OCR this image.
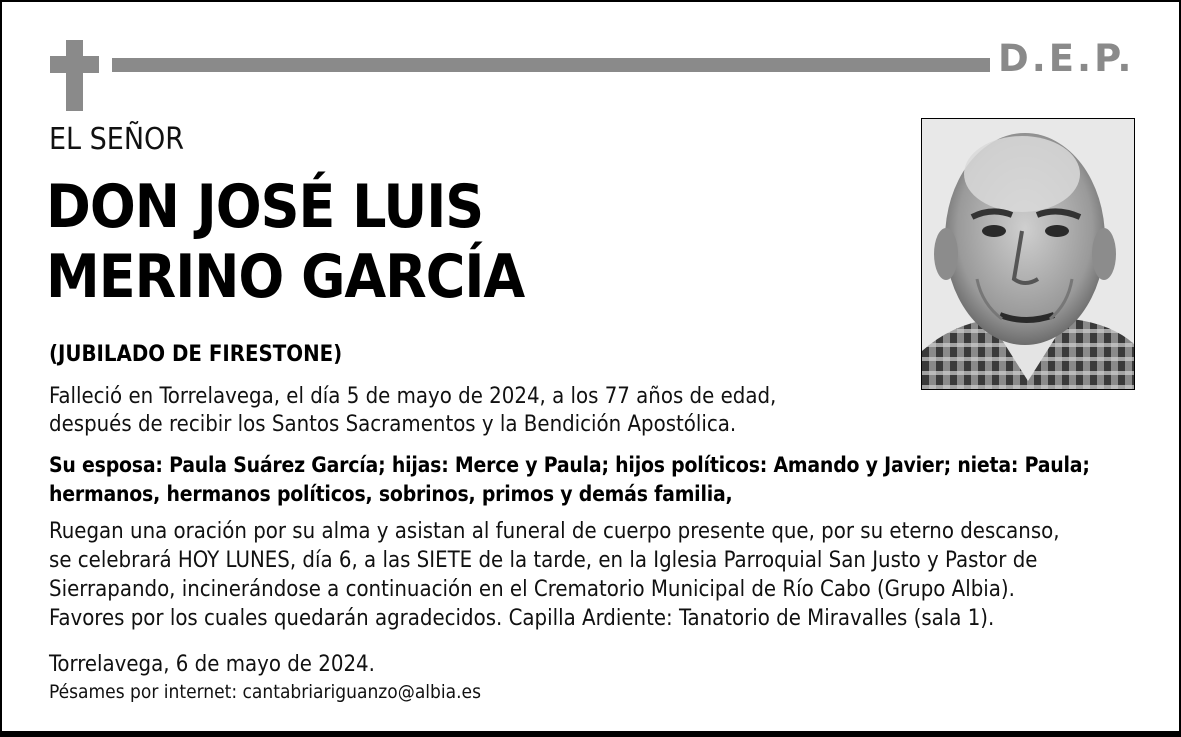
D.E.P.
EL SEÑOR
DON JOSÉ LUIS
MERINO GARCÍA
(JUBILADO DE FIRESTONE)
Falleció en Torrelavega, el día 5 de mayo de 2024, a los 77 años de edad,
después de recibir los Santos Sacramentos y la Bendición Apostólica.
Su esposa: Paula Suárez García; hijas: Merce y Paula; hijos políticos: Amando y Javier; nieta: Paula;
hermanos, hermanos políticos, sobrinos, primos y demás familia,
Ruegan una oración por su alma y asistan al funeral de cuerpo presente que, por su eterno descanso,
se celebrará HOY LUNES, día 6, a las SIETE de la tarde, en la Iglesia Parroquial San Justo y Pastor de
Sierrapando, incinerándose a continuación en el Crematorio Municipal de Río Cabo (Grupo Albia).
Favores por los cuales quedarán agradecidos. Capilla Ardiente: Tanatorio de Miravalles (sala 1).
Torrelavega, 6 de mayo de 2024.
Pésames por internet: cantabriariguanzo@albia.es
